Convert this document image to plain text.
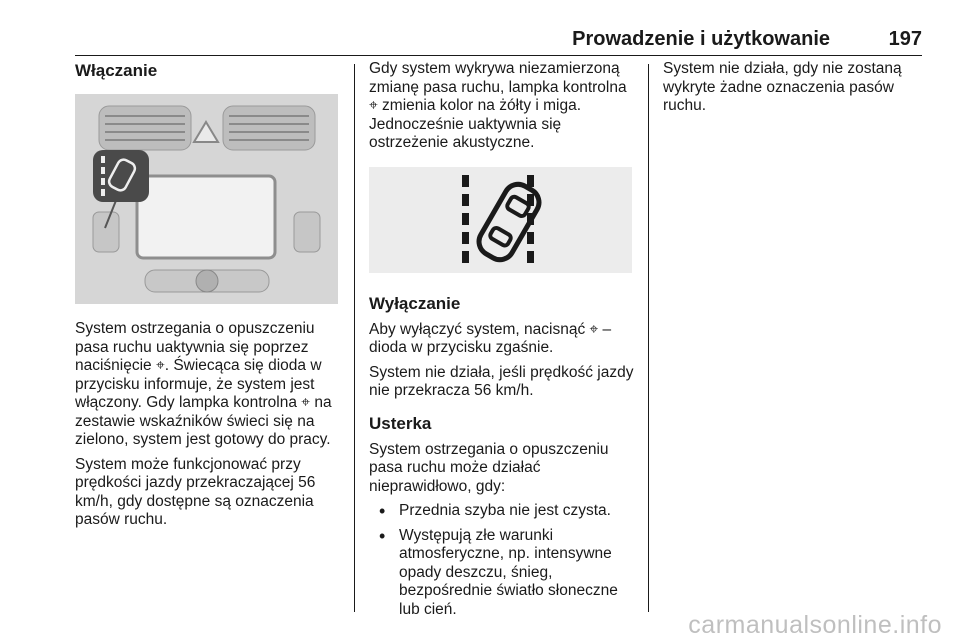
Prowadzenie i użytkowanie	197
Włączanie

System ostrzegania o opuszczeniu pasa ruchu uaktywnia się poprzez naciśnięcie ⌖. Świecąca się dioda w przycisku informuje, że system jest włączony. Gdy lampka kontrolna ⌖ na zestawie wskaźników świeci się na zielono, system jest gotowy do pracy.

System może funkcjonować przy prędkości jazdy przekraczającej 56 km/h, gdy dostępne są oznaczenia pasów ruchu.

Gdy system wykrywa niezamierzoną zmianę pasa ruchu, lampka kontrolna ⌖ zmienia kolor na żółty i miga. Jednocześnie uaktywnia się ostrzeżenie akustyczne.

Wyłączanie

Aby wyłączyć system, nacisnąć ⌖ – dioda w przycisku zgaśnie.

System nie działa, jeśli prędkość jazdy nie przekracza 56 km/h.

Usterka

System ostrzegania o opuszczeniu pasa ruchu może działać nieprawidłowo, gdy:

• Przednia szyba nie jest czysta.
• Występują złe warunki atmosferyczne, np. intensywne opady deszczu, śnieg, bezpośrednie światło słoneczne lub cień.

System nie działa, gdy nie zostaną wykryte żadne oznaczenia pasów ruchu.

carmanualsonline.info
